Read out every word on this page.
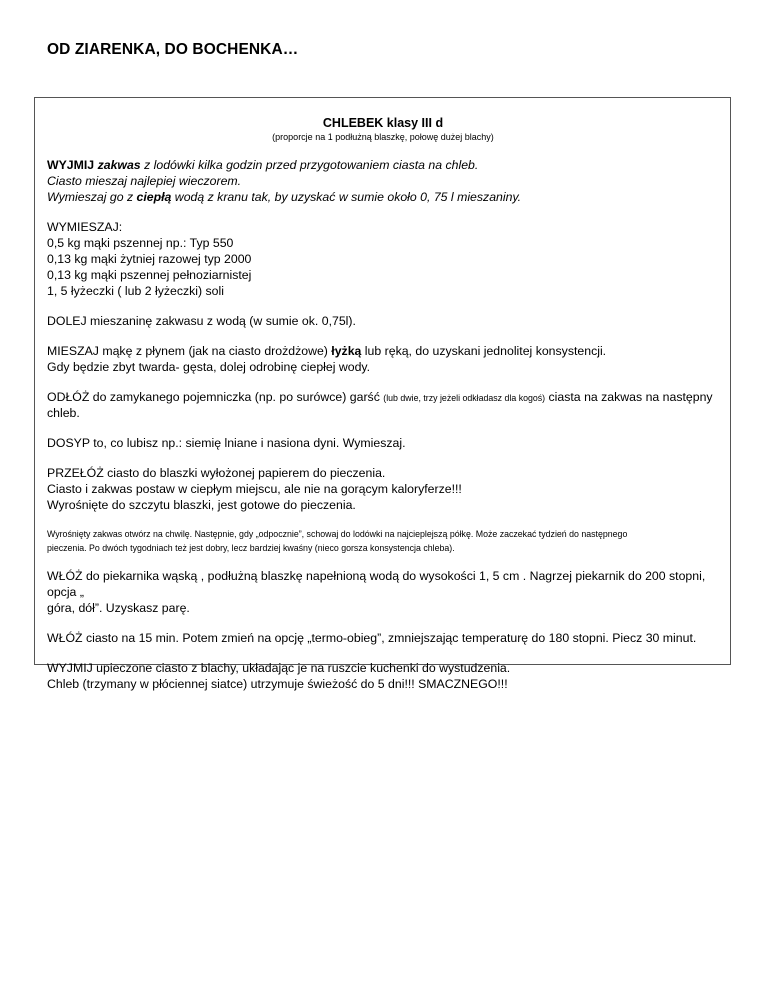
OD ZIARENKA, DO BOCHENKA…
CHLEBEK klasy III d
(proporcje na 1 podłużną blaszkę, połowę dużej blachy)

WYJMIJ zakwas z lodówki kilka godzin przed przygotowaniem ciasta na chleb.
Ciasto mieszaj najlepiej wieczorem.
Wymieszaj go z ciepłą wodą z kranu tak, by uzyskać w sumie około 0, 75 l mieszaniny.

WYMIESZAJ:
0,5 kg mąki pszennej np.: Typ 550
0,13 kg mąki żytniej razowej typ 2000
0,13 kg mąki pszennej pełnoziarnistej
1, 5 łyżeczki ( lub 2 łyżeczki) soli

DOLEJ mieszaninę zakwasu z wodą (w sumie ok. 0,75l).

MIESZAJ mąkę z płynem (jak na ciasto drożdżowe) łyżką lub ręką, do uzyskani jednolitej konsystencji.
Gdy będzie zbyt twarda- gęsta, dolej odrobinę ciepłej wody.

ODŁÓŻ do zamykanego pojemniczka (np. po surówce) garść (lub dwie, trzy jeżeli odkładasz dla kogoś) ciasta na zakwas na następny
chleb.

DOSYP to, co lubisz np.: siemię lniane i nasiona dyni. Wymieszaj.

PRZEŁÓŻ ciasto do blaszki wyłożonej papierem do pieczenia.
Ciasto i zakwas postaw w ciepłym miejscu, ale nie na gorącym kaloryferze!!!
Wyrośnięte do szczytu blaszki, jest gotowe do pieczenia.

Wyrośnięty zakwas otwórz na chwilę. Następnie, gdy „odpocznie”, schowaj do lodówki na najcieplejszą półkę. Może zaczekać tydzień do następnego
pieczenia. Po dwóch tygodniach też jest dobry, lecz bardziej kwaśny (nieco gorsza konsystencja chleba).

WŁÓŻ do piekarnika wąską , podłużną blaszkę napełnioną wodą do wysokości 1, 5 cm . Nagrzej piekarnik do 200 stopni, opcja „
góra, dół”. Uzyskasz parę.

WŁÓŻ ciasto na 15 min. Potem zmień na opcję „termo-obieg”, zmniejszając temperaturę do 180 stopni. Piecz 30 minut.

WYJMIJ upieczone ciasto z blachy, układając je na ruszcie kuchenki do wystudzenia.
Chleb (trzymany w płóciennej siatce) utrzymuje świeżość do 5 dni!!! SMACZNEGO!!!
